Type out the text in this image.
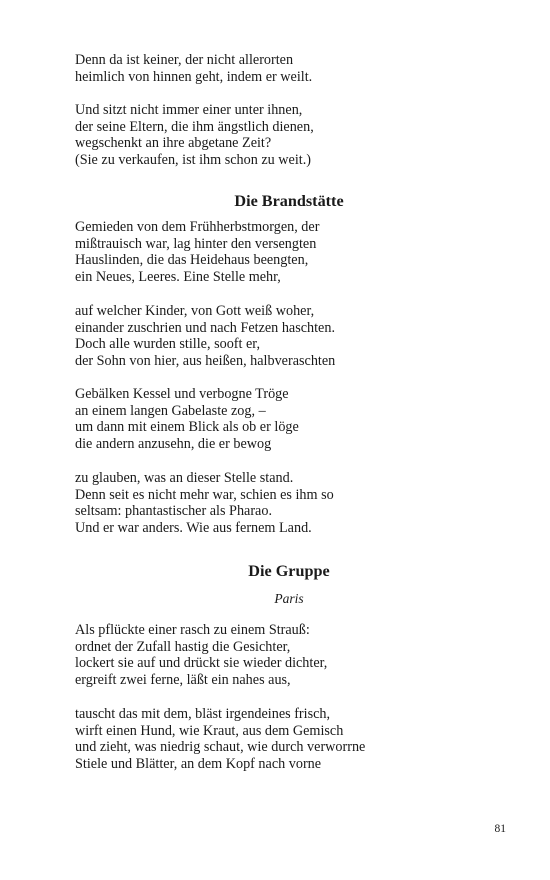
Denn da ist keiner, der nicht allerorten
heimlich von hinnen geht, indem er weilt.
Und sitzt nicht immer einer unter ihnen,
der seine Eltern, die ihm ängstlich dienen,
wegschenkt an ihre abgetane Zeit?
(Sie zu verkaufen, ist ihm schon zu weit.)
Die Brandstätte
Gemieden von dem Frühherbstmorgen, der
mißtrauisch war, lag hinter den versengten
Hauslinden, die das Heidehaus beengten,
ein Neues, Leeres. Eine Stelle mehr,
auf welcher Kinder, von Gott weiß woher,
einander zuschrien und nach Fetzen haschten.
Doch alle wurden stille, sooft er,
der Sohn von hier, aus heißen, halbveraschten
Gebälken Kessel und verbogne Tröge
an einem langen Gabelaste zog, –
um dann mit einem Blick als ob er löge
die andern anzusehn, die er bewog
zu glauben, was an dieser Stelle stand.
Denn seit es nicht mehr war, schien es ihm so
seltsam: phantastischer als Pharao.
Und er war anders. Wie aus fernem Land.
Die Gruppe

Paris

Als pflückte einer rasch zu einem Strauß:
ordnet der Zufall hastig die Gesichter,
lockert sie auf und drückt sie wieder dichter,
ergreift zwei ferne, läßt ein nahes aus,
tauscht das mit dem, bläst irgendeines frisch,
wirft einen Hund, wie Kraut, aus dem Gemisch
und zieht, was niedrig schaut, wie durch verworrne
Stiele und Blätter, an dem Kopf nach vorne
81
